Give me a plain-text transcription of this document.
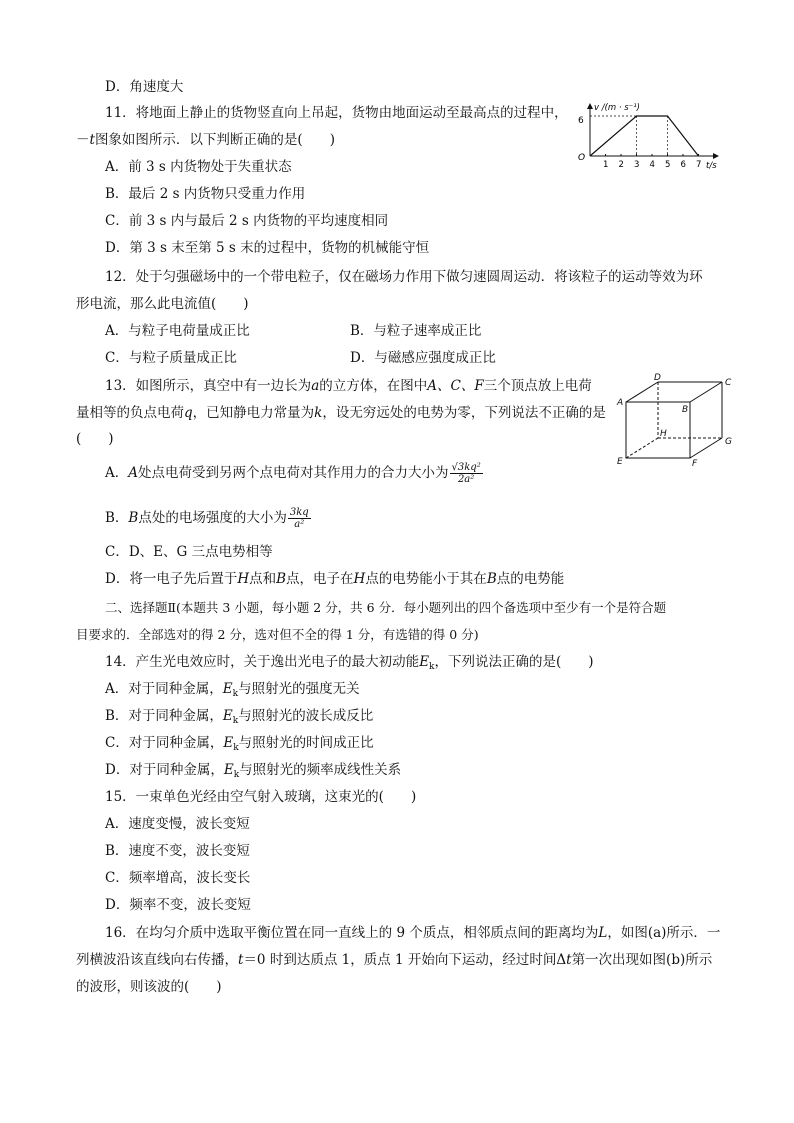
D．角速度大
11．将地面上静止的货物竖直向上吊起，货物由地面运动至最高点的过程中，
－t图象如图所示．以下判断正确的是(　　)
A．前 3 s 内货物处于失重状态
B．最后 2 s 内货物只受重力作用
C．前 3 s 内与最后 2 s 内货物的平均速度相同
D．第 3 s 末至第 5 s 末的过程中，货物的机械能守恒
v /(m · s⁻¹)
t/s
O
6
1 2 3 4 5 6 7
12．处于匀强磁场中的一个带电粒子，仅在磁场力作用下做匀速圆周运动．将该粒子的运动等效为环
形电流，那么此电流值(　　)
A．与粒子电荷量成正比	B．与粒子速率成正比
C．与粒子质量成正比	D．与磁感应强度成正比
13．如图所示，真空中有一边长为a的立方体，在图中A、C、F三个顶点放上电荷
量相等的负点电荷q，已知静电力常量为k，设无穷远处的电势为零，下列说法不正确的是
(　　)
A．A处点电荷受到另两个点电荷对其作用力的合力大小为 $\frac{\text{√3kq²}}{\text{2a²}}$
B．B点处的电场强度的大小为 $\frac{3kq}{\text{a²}}$
C．D、E、G 三点电势相等
D．将一电子先后置于H点和B点，电子在H点的电势能小于其在B点的电势能
D	C
A
B
H
G
E	F
二、选择题Ⅱ(本题共 3 小题，每小题 2 分，共 6 分．每小题列出的四个备选项中至少有一个是符合题
目要求的．全部选对的得 2 分，选对但不全的得 1 分，有选错的得 0 分)
14．产生光电效应时，关于逸出光电子的最大初动能$E_k$，下列说法正确的是(　　)
A．对于同种金属，$E_k$与照射光的强度无关
B．对于同种金属，$E_k$与照射光的波长成反比
C．对于同种金属，$E_k$与照射光的时间成正比
D．对于同种金属，$E_k$与照射光的频率成线性关系
15．一束单色光经由空气射入玻璃，这束光的(　　)
A．速度变慢，波长变短
B．速度不变，波长变短
C．频率增高，波长变长
D．频率不变，波长变短
16．在均匀介质中选取平衡位置在同一直线上的 9 个质点，相邻质点间的距离均为L，如图(a)所示．一
列横波沿该直线向右传播，t＝0 时到达质点 1，质点 1 开始向下运动，经过时间Δt第一次出现如图(b)所示
的波形，则该波的(　　)
